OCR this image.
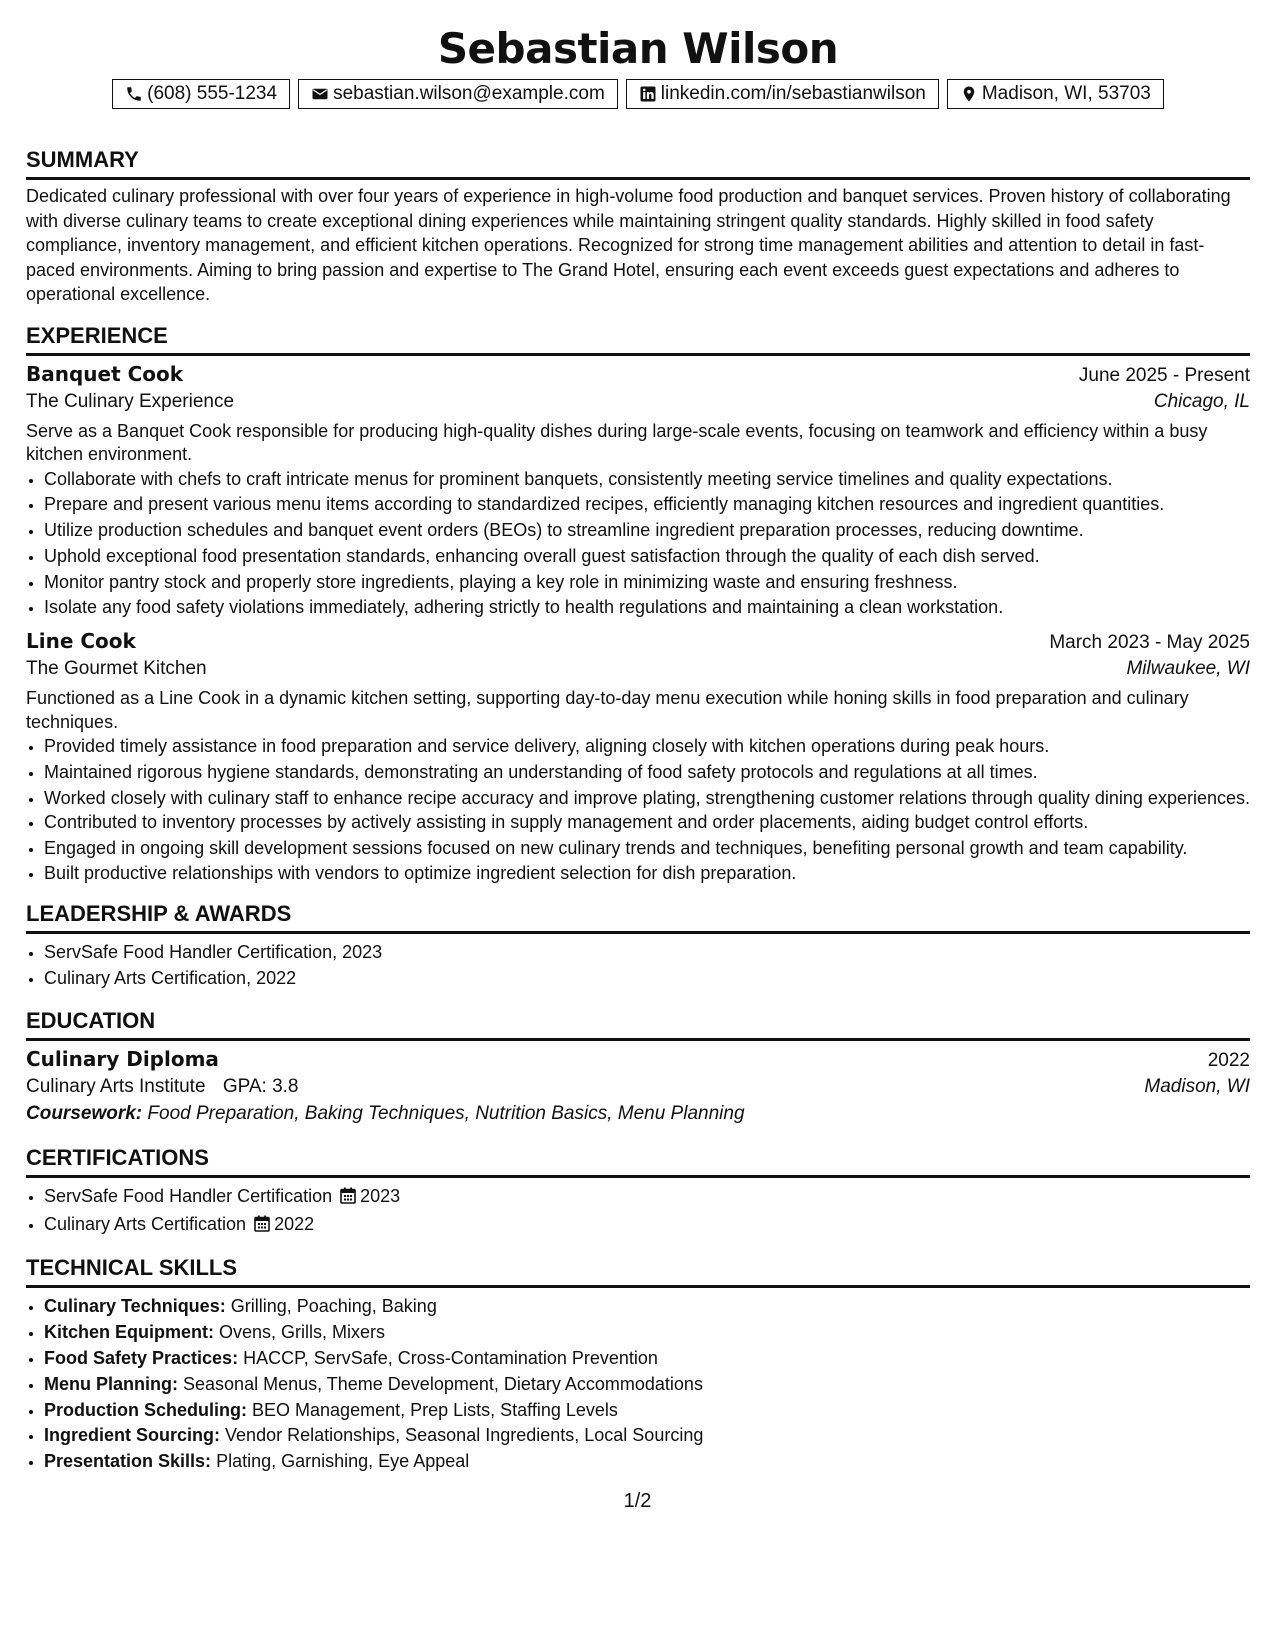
Sebastian Wilson
(608) 555-1234	sebastian.wilson@example.com	linkedin.com/in/sebastianwilson	Madison, WI, 53703
SUMMARY
Dedicated culinary professional with over four years of experience in high-volume food production and banquet services. Proven history of collaborating with diverse culinary teams to create exceptional dining experiences while maintaining stringent quality standards. Highly skilled in food safety compliance, inventory management, and efficient kitchen operations. Recognized for strong time management abilities and attention to detail in fast-paced environments. Aiming to bring passion and expertise to The Grand Hotel, ensuring each event exceeds guest expectations and adheres to operational excellence.
EXPERIENCE
Banquet Cook	June 2025 - Present
The Culinary Experience	Chicago, IL
Serve as a Banquet Cook responsible for producing high-quality dishes during large-scale events, focusing on teamwork and efficiency within a busy kitchen environment.
• Collaborate with chefs to craft intricate menus for prominent banquets, consistently meeting service timelines and quality expectations.
• Prepare and present various menu items according to standardized recipes, efficiently managing kitchen resources and ingredient quantities.
• Utilize production schedules and banquet event orders (BEOs) to streamline ingredient preparation processes, reducing downtime.
• Uphold exceptional food presentation standards, enhancing overall guest satisfaction through the quality of each dish served.
• Monitor pantry stock and properly store ingredients, playing a key role in minimizing waste and ensuring freshness.
• Isolate any food safety violations immediately, adhering strictly to health regulations and maintaining a clean workstation.
Line Cook	March 2023 - May 2025
The Gourmet Kitchen	Milwaukee, WI
Functioned as a Line Cook in a dynamic kitchen setting, supporting day-to-day menu execution while honing skills in food preparation and culinary techniques.
• Provided timely assistance in food preparation and service delivery, aligning closely with kitchen operations during peak hours.
• Maintained rigorous hygiene standards, demonstrating an understanding of food safety protocols and regulations at all times.
• Worked closely with culinary staff to enhance recipe accuracy and improve plating, strengthening customer relations through quality dining experiences.
• Contributed to inventory processes by actively assisting in supply management and order placements, aiding budget control efforts.
• Engaged in ongoing skill development sessions focused on new culinary trends and techniques, benefiting personal growth and team capability.
• Built productive relationships with vendors to optimize ingredient selection for dish preparation.
LEADERSHIP & AWARDS
• ServSafe Food Handler Certification, 2023
• Culinary Arts Certification, 2022
EDUCATION
Culinary Diploma	2022
Culinary Arts Institute GPA: 3.8	Madison, WI
Coursework: Food Preparation, Baking Techniques, Nutrition Basics, Menu Planning
CERTIFICATIONS
• ServSafe Food Handler Certification 2023
• Culinary Arts Certification 2022
TECHNICAL SKILLS
• Culinary Techniques: Grilling, Poaching, Baking
• Kitchen Equipment: Ovens, Grills, Mixers
• Food Safety Practices: HACCP, ServSafe, Cross-Contamination Prevention
• Menu Planning: Seasonal Menus, Theme Development, Dietary Accommodations
• Production Scheduling: BEO Management, Prep Lists, Staffing Levels
• Ingredient Sourcing: Vendor Relationships, Seasonal Ingredients, Local Sourcing
• Presentation Skills: Plating, Garnishing, Eye Appeal
1/2
